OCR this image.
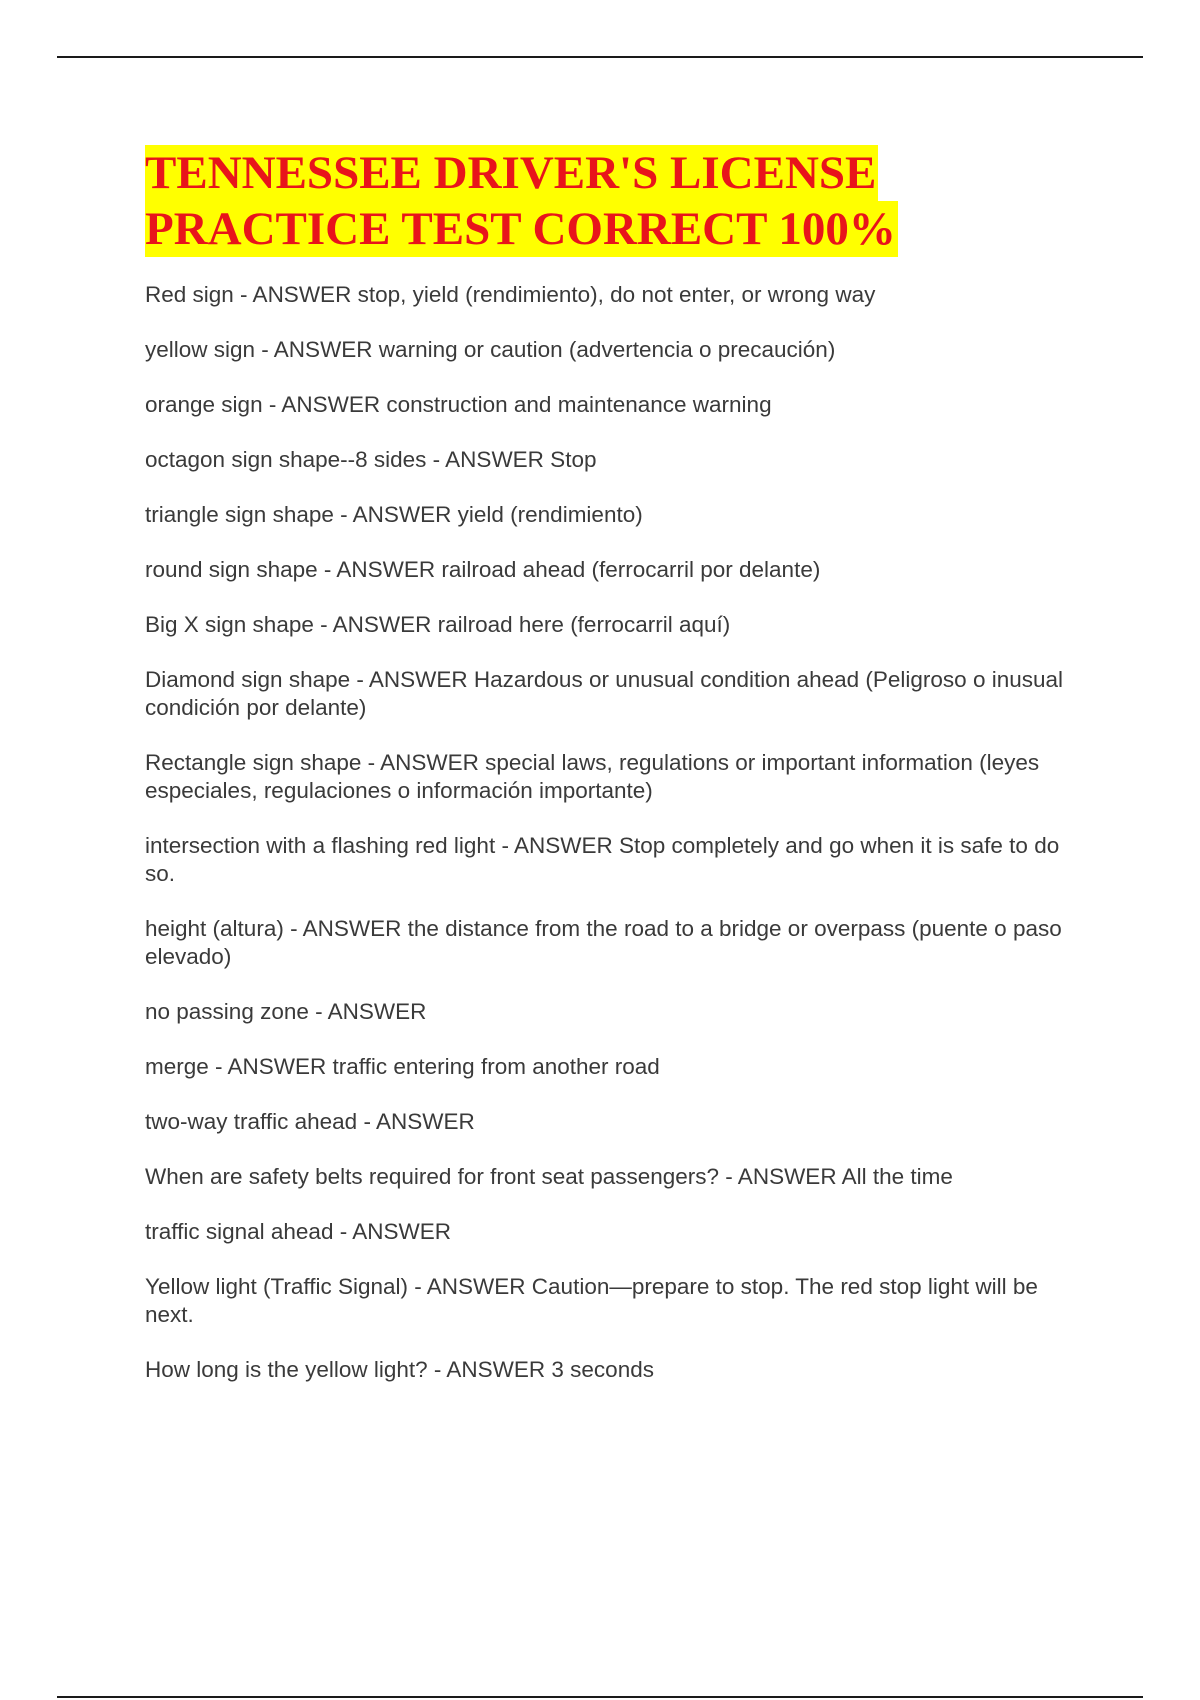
TENNESSEE DRIVER'S LICENSE
PRACTICE TEST CORRECT 100%
Red sign - ANSWER stop, yield (rendimiento), do not enter, or wrong way
yellow sign - ANSWER warning or caution (advertencia o precaución)
orange sign - ANSWER construction and maintenance warning
octagon sign shape--8 sides - ANSWER Stop
triangle sign shape - ANSWER yield (rendimiento)
round sign shape - ANSWER railroad ahead (ferrocarril por delante)
Big X sign shape - ANSWER railroad here (ferrocarril aquí)
Diamond sign shape - ANSWER Hazardous or unusual condition ahead (Peligroso o inusual condición por delante)
Rectangle sign shape - ANSWER special laws, regulations or important information (leyes especiales, regulaciones o información importante)
intersection with a flashing red light - ANSWER Stop completely and go when it is safe to do so.
height (altura) - ANSWER the distance from the road to a bridge or overpass (puente o paso elevado)
no passing zone - ANSWER
merge - ANSWER traffic entering from another road
two-way traffic ahead - ANSWER
When are safety belts required for front seat passengers? - ANSWER All the time
traffic signal ahead - ANSWER
Yellow light (Traffic Signal) - ANSWER Caution—prepare to stop. The red stop light will be next.
How long is the yellow light? - ANSWER 3 seconds
